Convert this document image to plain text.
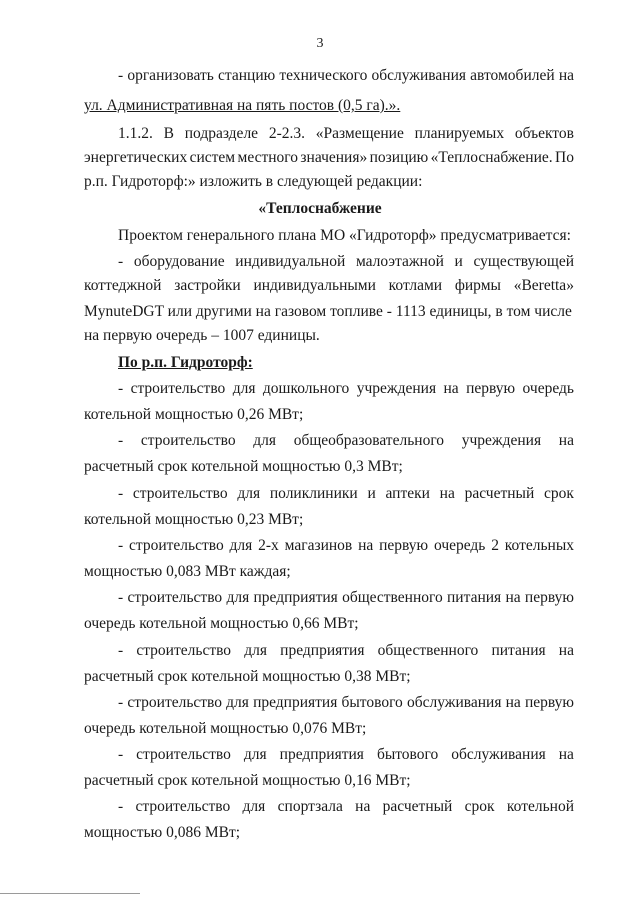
3
- организовать станцию технического обслуживания автомобилей на
ул. Административная на пять постов (0,5 га).».
1.1.2. В подразделе 2-2.3. «Размещение планируемых объектов
энергетических систем местного значения» позицию «Теплоснабжение. По
р.п. Гидроторф:» изложить в следующей редакции:
«Теплоснабжение
Проектом генерального плана МО «Гидроторф» предусматривается:
- оборудование индивидуальной малоэтажной и существующей
коттеджной застройки индивидуальными котлами фирмы «Beretta»
MynuteDGT или другими на газовом топливе - 1113 единицы, в том числе
на первую очередь – 1007 единицы.
По р.п. Гидроторф:
- строительство для дошкольного учреждения на первую очередь
котельной мощностью 0,26 МВт;
- строительство для общеобразовательного учреждения на
расчетный срок котельной мощностью 0,3 МВт;
- строительство для поликлиники и аптеки на расчетный срок
котельной мощностью 0,23 МВт;
- строительство для 2-х магазинов на первую очередь 2 котельных
мощностью 0,083 МВт каждая;
- строительство для предприятия общественного питания на первую
очередь котельной мощностью 0,66 МВт;
- строительство для предприятия общественного питания на
расчетный срок котельной мощностью 0,38 МВт;
- строительство для предприятия бытового обслуживания на первую
очередь котельной мощностью 0,076 МВт;
- строительство для предприятия бытового обслуживания на
расчетный срок котельной мощностью 0,16 МВт;
- строительство для спортзала на расчетный срок котельной
мощностью 0,086 МВт;
